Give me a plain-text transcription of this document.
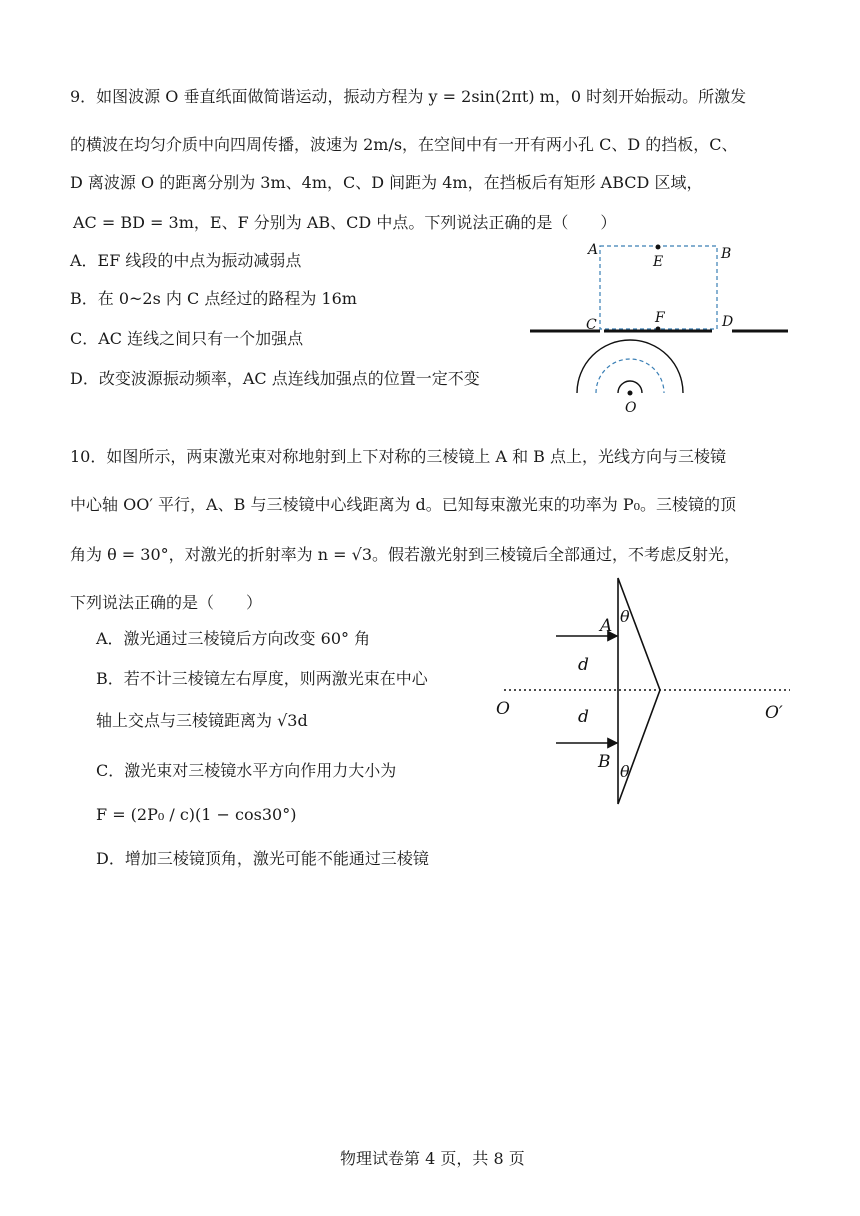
9．如图波源 O 垂直纸面做简谐运动，振动方程为 y = 2sin(2πt) m，0 时刻开始振动。所激发
的横波在均匀介质中向四周传播，波速为 2m/s，在空间中有一开有两小孔 C、D 的挡板，C、
D 离波源 O 的距离分别为 3m、4m，C、D 间距为 4m，在挡板后有矩形 ABCD 区域，
AC = BD = 3m，E、F 分别为 AB、CD 中点。下列说法正确的是（　　）
A．EF 线段的中点为振动减弱点
B．在 0~2s 内 C 点经过的路程为 16m
C．AC 连线之间只有一个加强点
D．改变波源振动频率，AC 点连线加强点的位置一定不变
A	B
E
F
C	D
O
10．如图所示，两束激光束对称地射到上下对称的三棱镜上 A 和 B 点上，光线方向与三棱镜
中心轴 OO′ 平行，A、B 与三棱镜中心线距离为 d。已知每束激光束的功率为 P₀。三棱镜的顶
角为 θ = 30°，对激光的折射率为 n = √3。假若激光射到三棱镜后全部通过，不考虑反射光，
下列说法正确的是（　　）
A．激光通过三棱镜后方向改变 60° 角
B．若不计三棱镜左右厚度，则两激光束在中心
轴上交点与三棱镜距离为 √3d
C．激光束对三棱镜水平方向作用力大小为
F = (2P₀ / c)(1 − cos30°)
D．增加三棱镜顶角，激光可能不能通过三棱镜
A
B
θ
θ
d
d
O	O′
物理试卷第 4 页，共 8 页
